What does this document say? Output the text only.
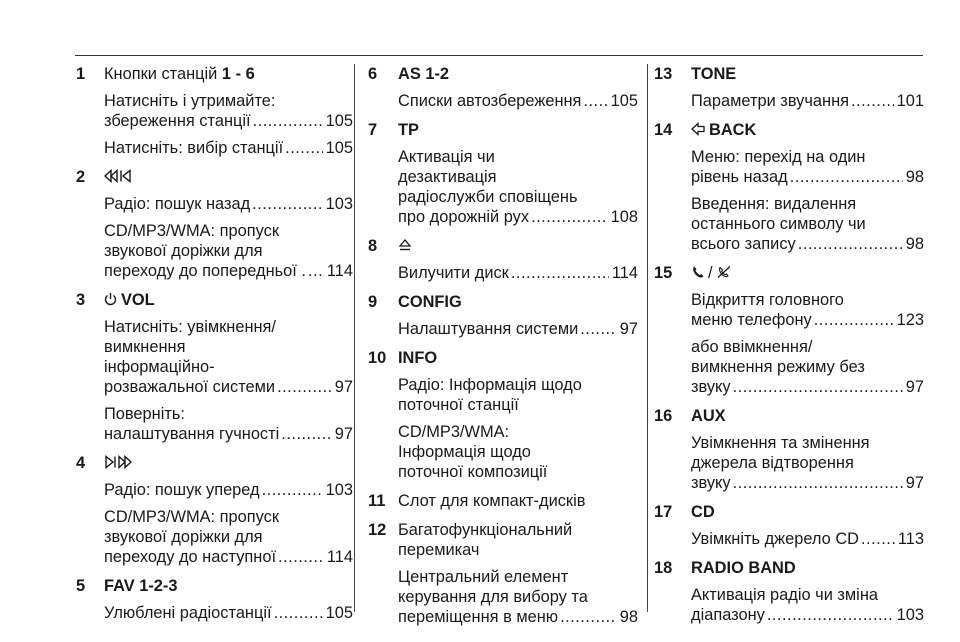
1 Кнопки станцій 1 - 6
Натисніть і утримайте:
збереження станції .....	105
Натисніть: вибір станції .....	105
2
Радіо: пошук назад .....	103
CD/MP3/WMA: пропуск
звукової доріжки для
переходу до попередньої . ..... 114
3	VOL
Натисніть: увімкнення/
вимкнення
інформаційно-
розважальної системи .....	97
Поверніть:
налаштування гучності .....	97
4
Радіо: пошук уперед .....	103
CD/MP3/WMA: пропуск
звукової доріжки для
переходу до наступної .....	114
5 FAV 1-2-3
Улюблені радіостанції .....	105
6 AS 1-2
Списки автозбереження ..... 105
7 TP
Активація чи
дезактивація
радіослужби сповіщень
про дорожній рух .....	108
8
Вилучити диск .....	114
9 CONFIG
Налаштування системи .....	97
10 INFO
Радіо: Інформація щодо
поточної станції
CD/MP3/WMA:
Інформація щодо
поточної композиції
11 Слот для компакт-дисків
12 Багатофункціональний
перемикач
Центральний елемент
керування для вибору та
переміщення в меню .....	98
13 TONE
Параметри звучання .....	101
14	BACK
Меню: перехід на один
рівень назад .....	98
Введення: видалення
останнього символу чи
всього запису .....	98
15	/
Відкриття головного
меню телефону .....	123
або ввімкнення/
вимкнення режиму без
звуку .....	97
16 AUX
Увімкнення та змінення
джерела відтворення
звуку .....	97
17 CD
Увімкніть джерело CD ..... 113
18 RADIO BAND
Активація радіо чи зміна
діапазону .....	103
